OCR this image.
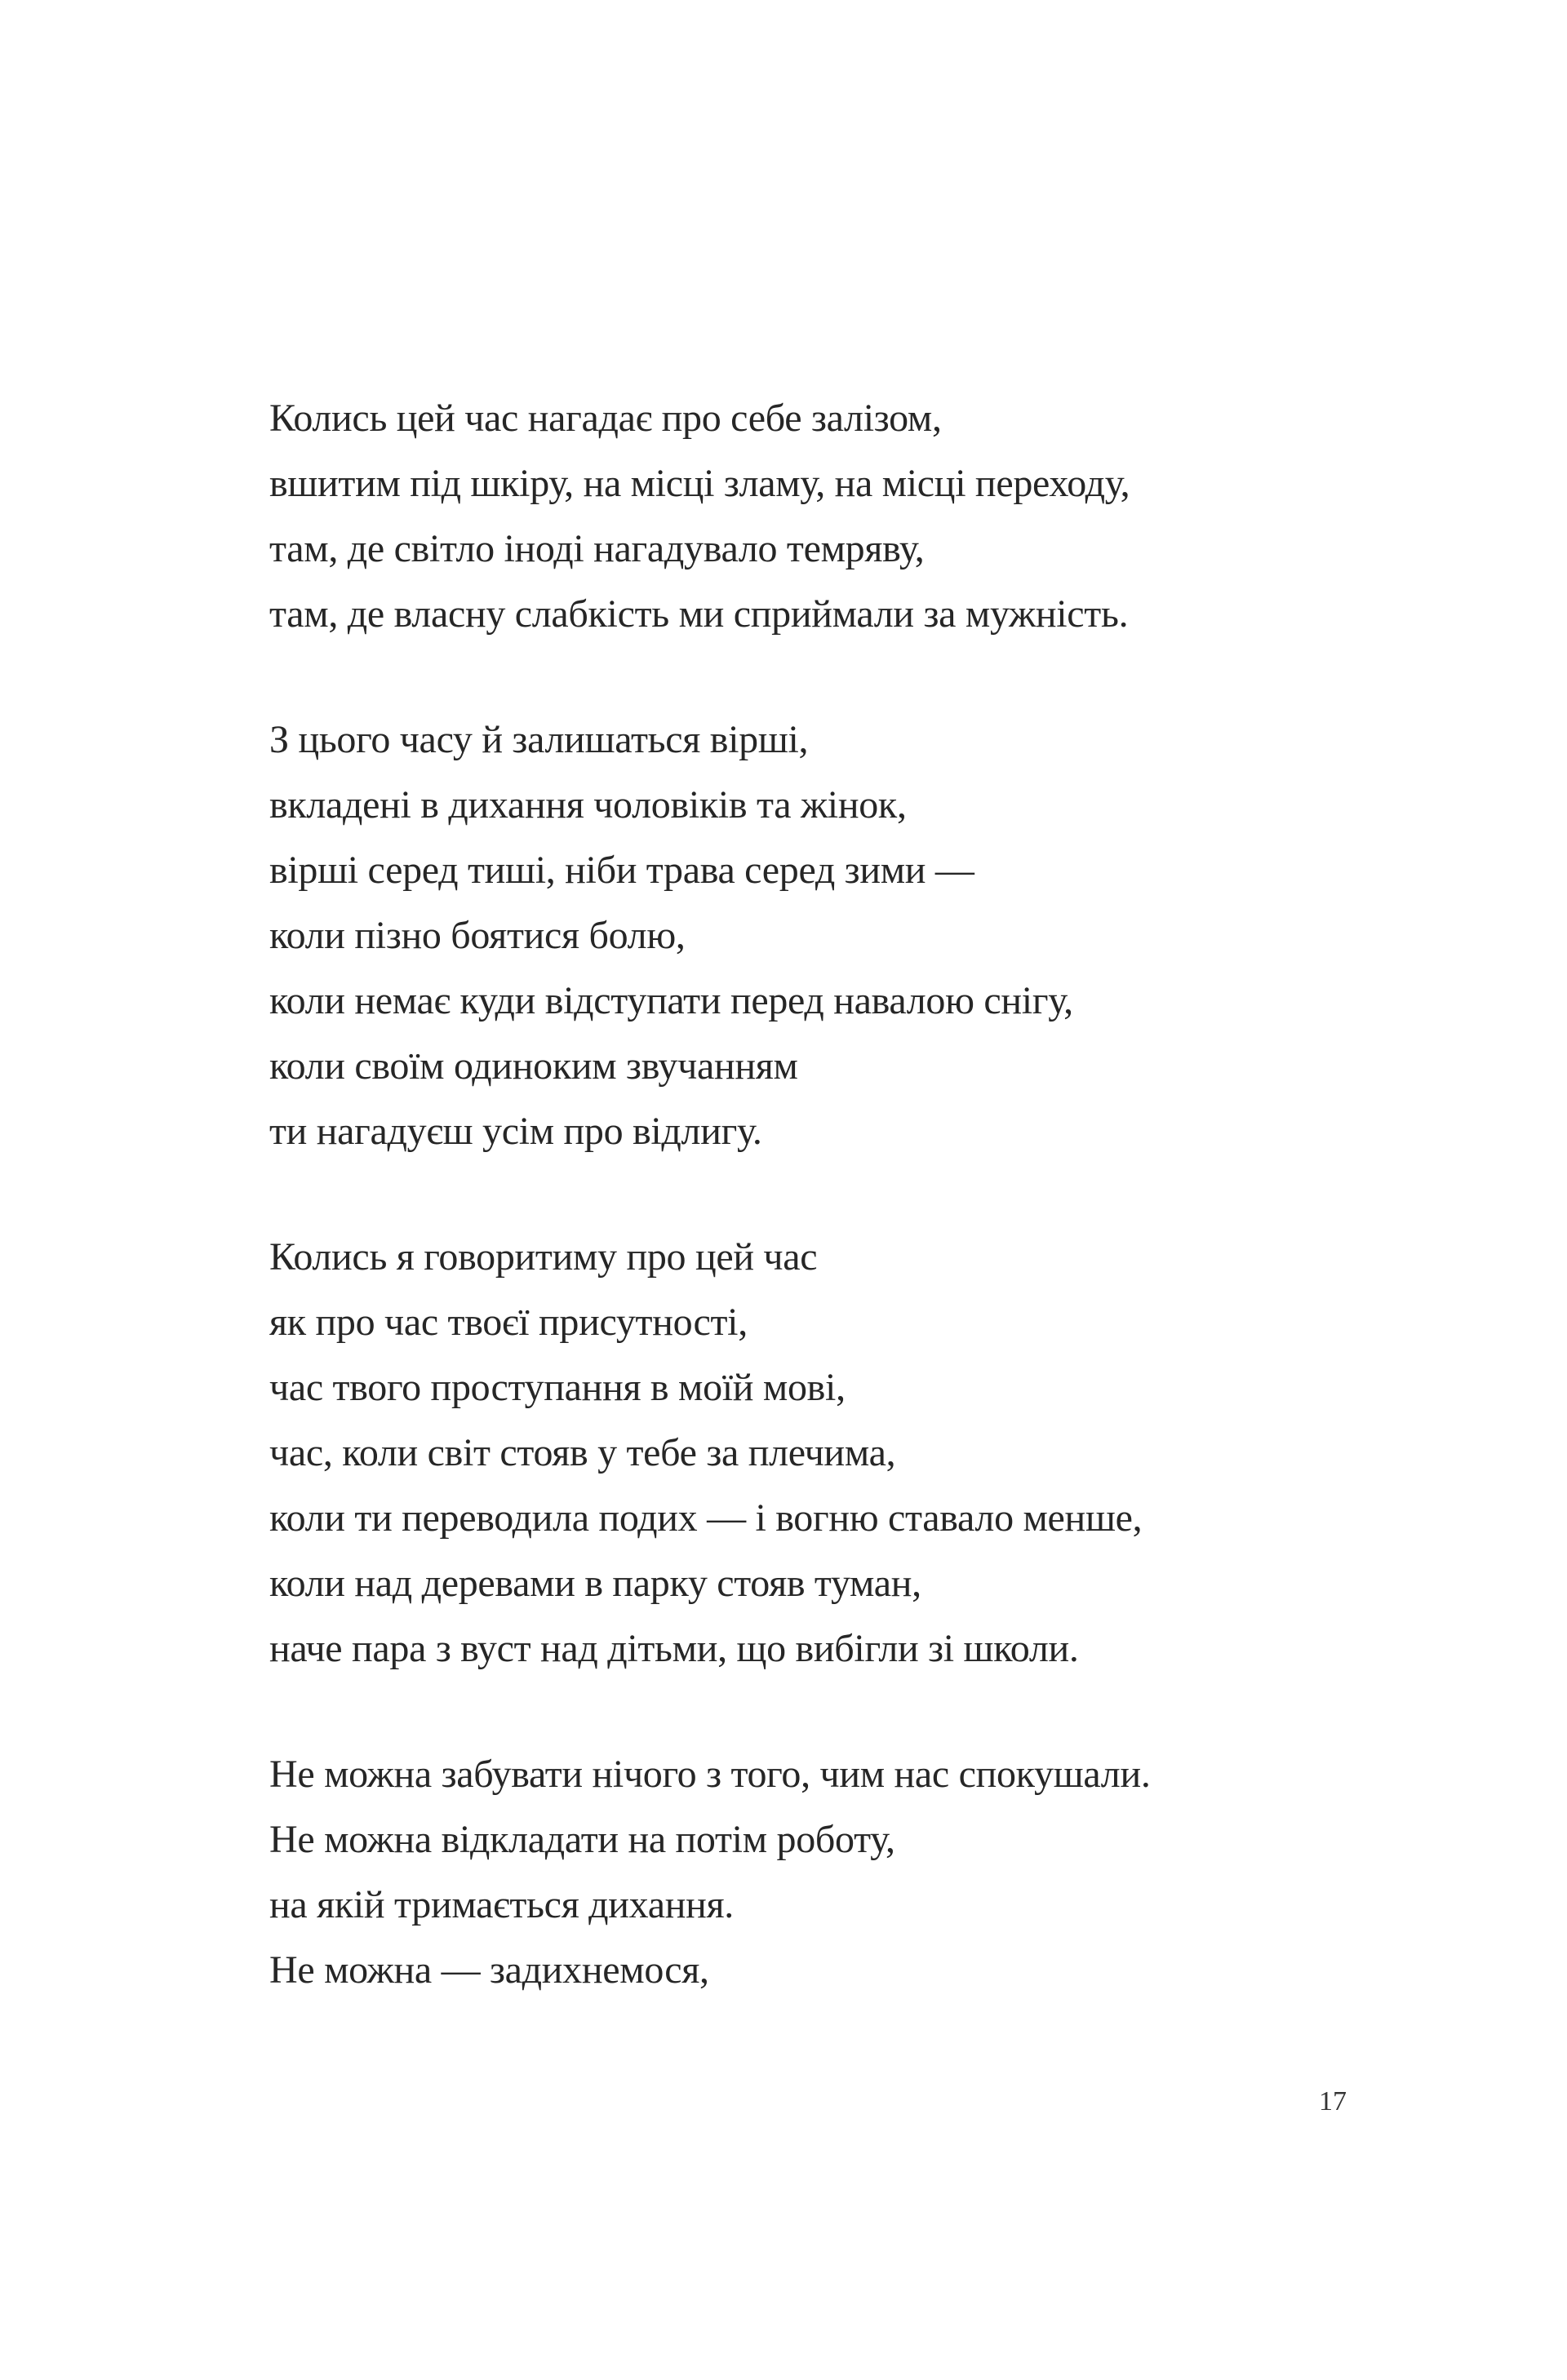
Колись цей час нагадає про себе залізом,
вшитим під шкіру, на місці зламу, на місці переходу,
там, де світло іноді нагадувало темряву,
там, де власну слабкість ми сприймали за мужність.
З цього часу й залишаться вірші,
вкладені в дихання чоловіків та жінок,
вірші серед тиші, ніби трава серед зими —
коли пізно боятися болю,
коли немає куди відступати перед навалою снігу,
коли своїм одиноким звучанням
ти нагадуєш усім про відлигу.
Колись я говоритиму про цей час
як про час твоєї присутності,
час твого проступання в моїй мові,
час, коли світ стояв у тебе за плечима,
коли ти переводила подих — і вогню ставало менше,
коли над деревами в парку стояв туман,
наче пара з вуст над дітьми, що вибігли зі школи.
Не можна забувати нічого з того, чим нас спокушали.
Не можна відкладати на потім роботу,
на якій тримається дихання.
Не можна — задихнемося,
17
